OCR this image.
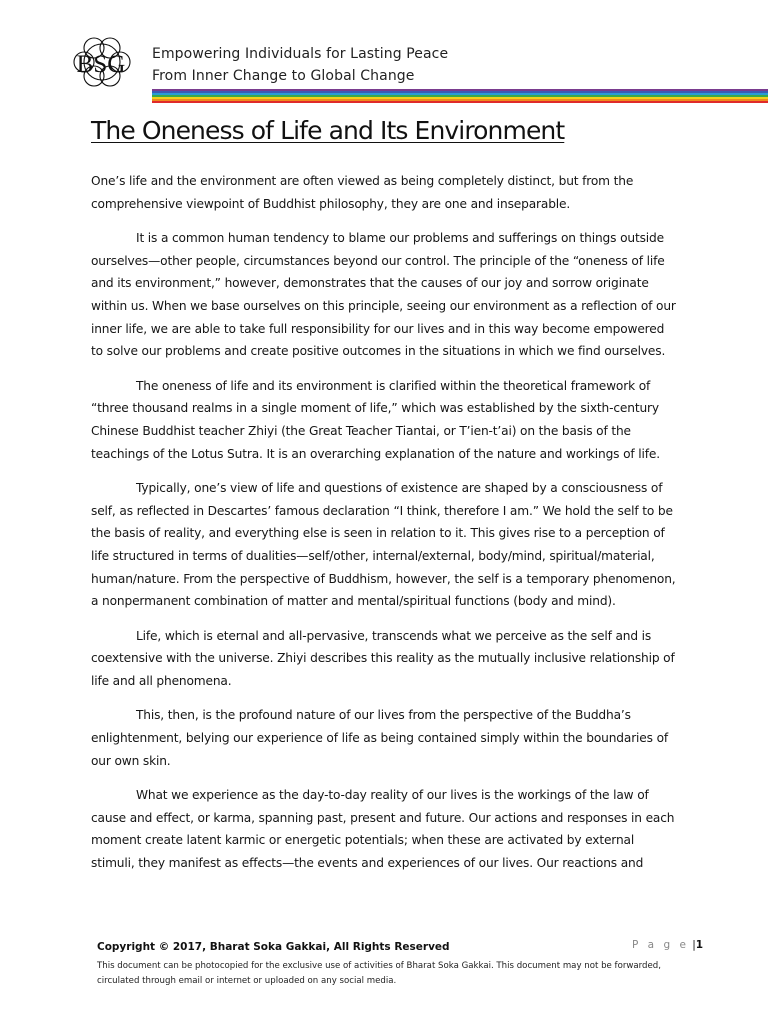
BSG Empowering Individuals for Lasting Peace
From Inner Change to Global Change
The Oneness of Life and Its Environment

One’s life and the environment are often viewed as being completely distinct, but from the comprehensive viewpoint of Buddhist philosophy, they are one and inseparable.

It is a common human tendency to blame our problems and sufferings on things outside ourselves—other people, circumstances beyond our control. The principle of the “oneness of life and its environment,” however, demonstrates that the causes of our joy and sorrow originate within us. When we base ourselves on this principle, seeing our environment as a reflection of our inner life, we are able to take full responsibility for our lives and in this way become empowered to solve our problems and create positive outcomes in the situations in which we find ourselves.

The oneness of life and its environment is clarified within the theoretical framework of “three thousand realms in a single moment of life,” which was established by the sixth-century Chinese Buddhist teacher Zhiyi (the Great Teacher Tiantai, or T’ien-t’ai) on the basis of the teachings of the Lotus Sutra. It is an overarching explanation of the nature and workings of life.

Typically, one’s view of life and questions of existence are shaped by a consciousness of self, as reflected in Descartes’ famous declaration “I think, therefore I am.” We hold the self to be the basis of reality, and everything else is seen in relation to it. This gives rise to a perception of life structured in terms of dualities—self/other, internal/external, body/mind, spiritual/material, human/nature. From the perspective of Buddhism, however, the self is a temporary phenomenon, a nonpermanent combination of matter and mental/spiritual functions (body and mind).

Life, which is eternal and all-pervasive, transcends what we perceive as the self and is coextensive with the universe. Zhiyi describes this reality as the mutually inclusive relationship of life and all phenomena.

This, then, is the profound nature of our lives from the perspective of the Buddha’s enlightenment, belying our experience of life as being contained simply within the boundaries of our own skin.

What we experience as the day-to-day reality of our lives is the workings of the law of cause and effect, or karma, spanning past, present and future. Our actions and responses in each moment create latent karmic or energetic potentials; when these are activated by external stimuli, they manifest as effects—the events and experiences of our lives. Our reactions and

Copyright © 2017, Bharat Soka Gakkai, All Rights Reserved	P a g e |1
This document can be photocopied for the exclusive use of activities of Bharat Soka Gakkai. This document may not be forwarded, circulated through email or internet or uploaded on any social media.
